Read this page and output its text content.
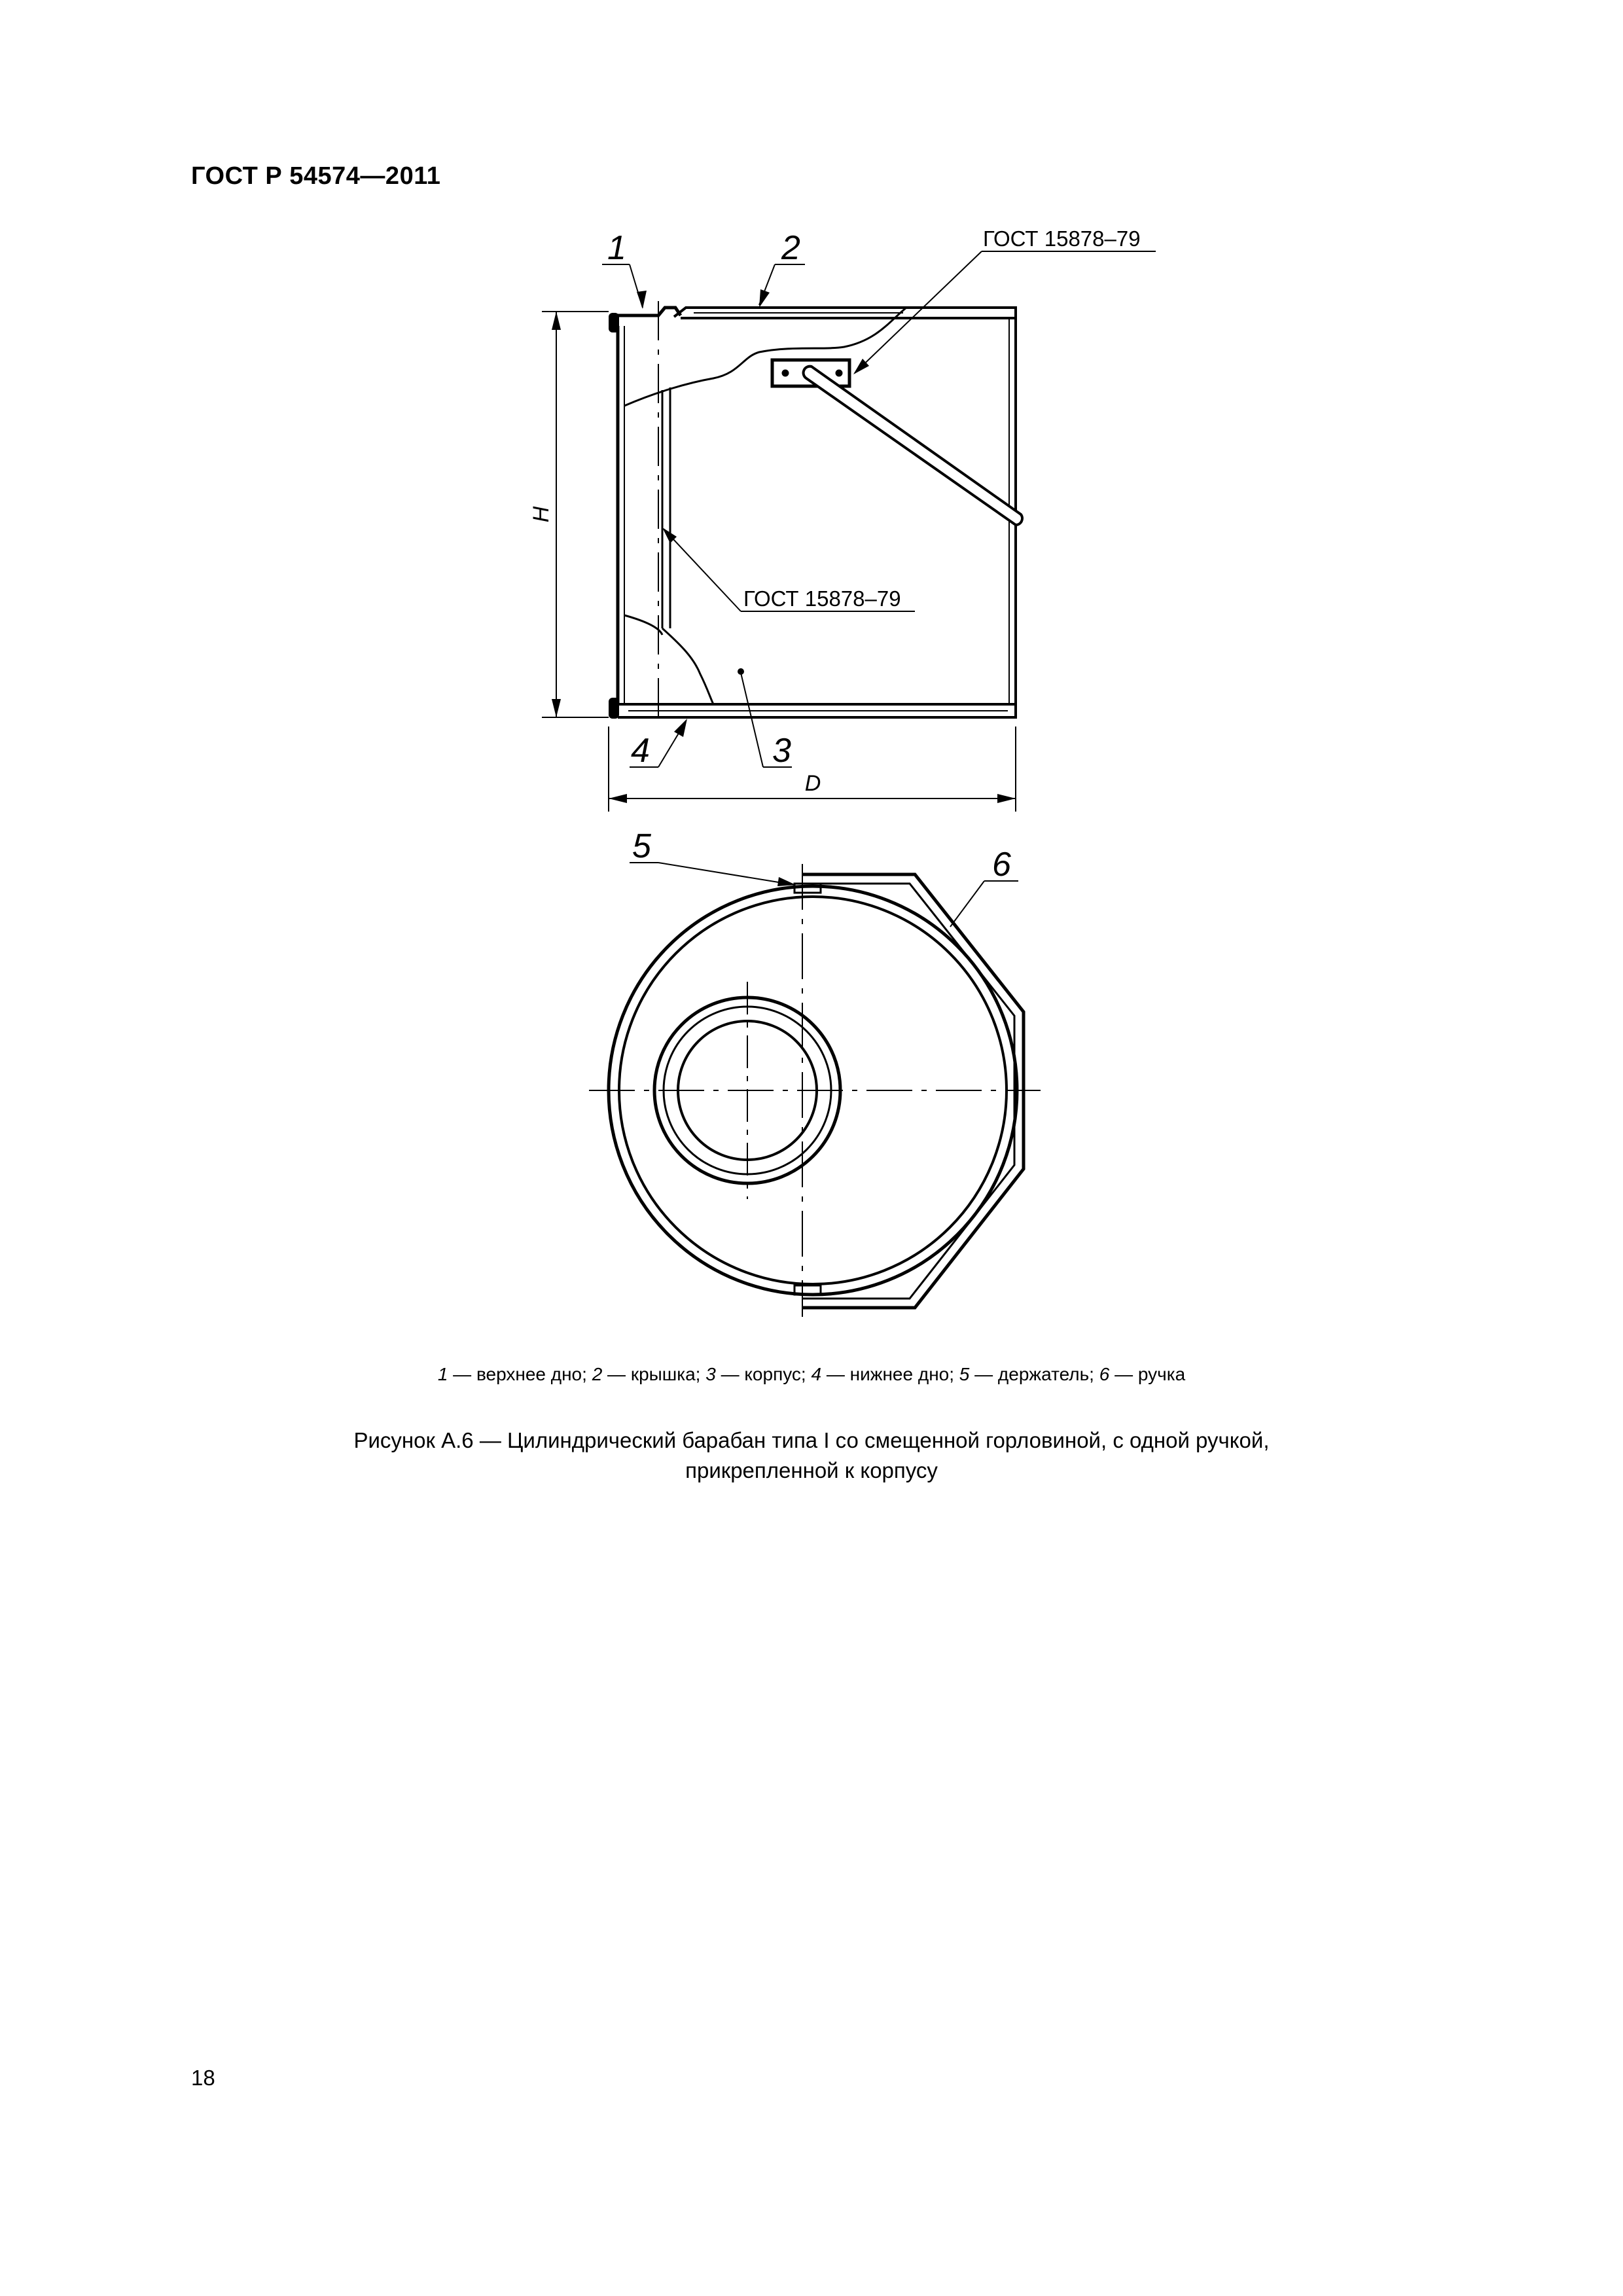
ГОСТ Р 54574—2011
H
D
1	2	ГОСТ 15878–79
ГОСТ 15878–79
3
4
5	6
1 — верхнее дно; 2 — крышка; 3 — корпус; 4 — нижнее дно; 5 — держатель; 6 — ручка
Рисунок А.6 — Цилиндрический барабан типа I со смещенной горловиной, с одной ручкой,
прикрепленной к корпусу
18
